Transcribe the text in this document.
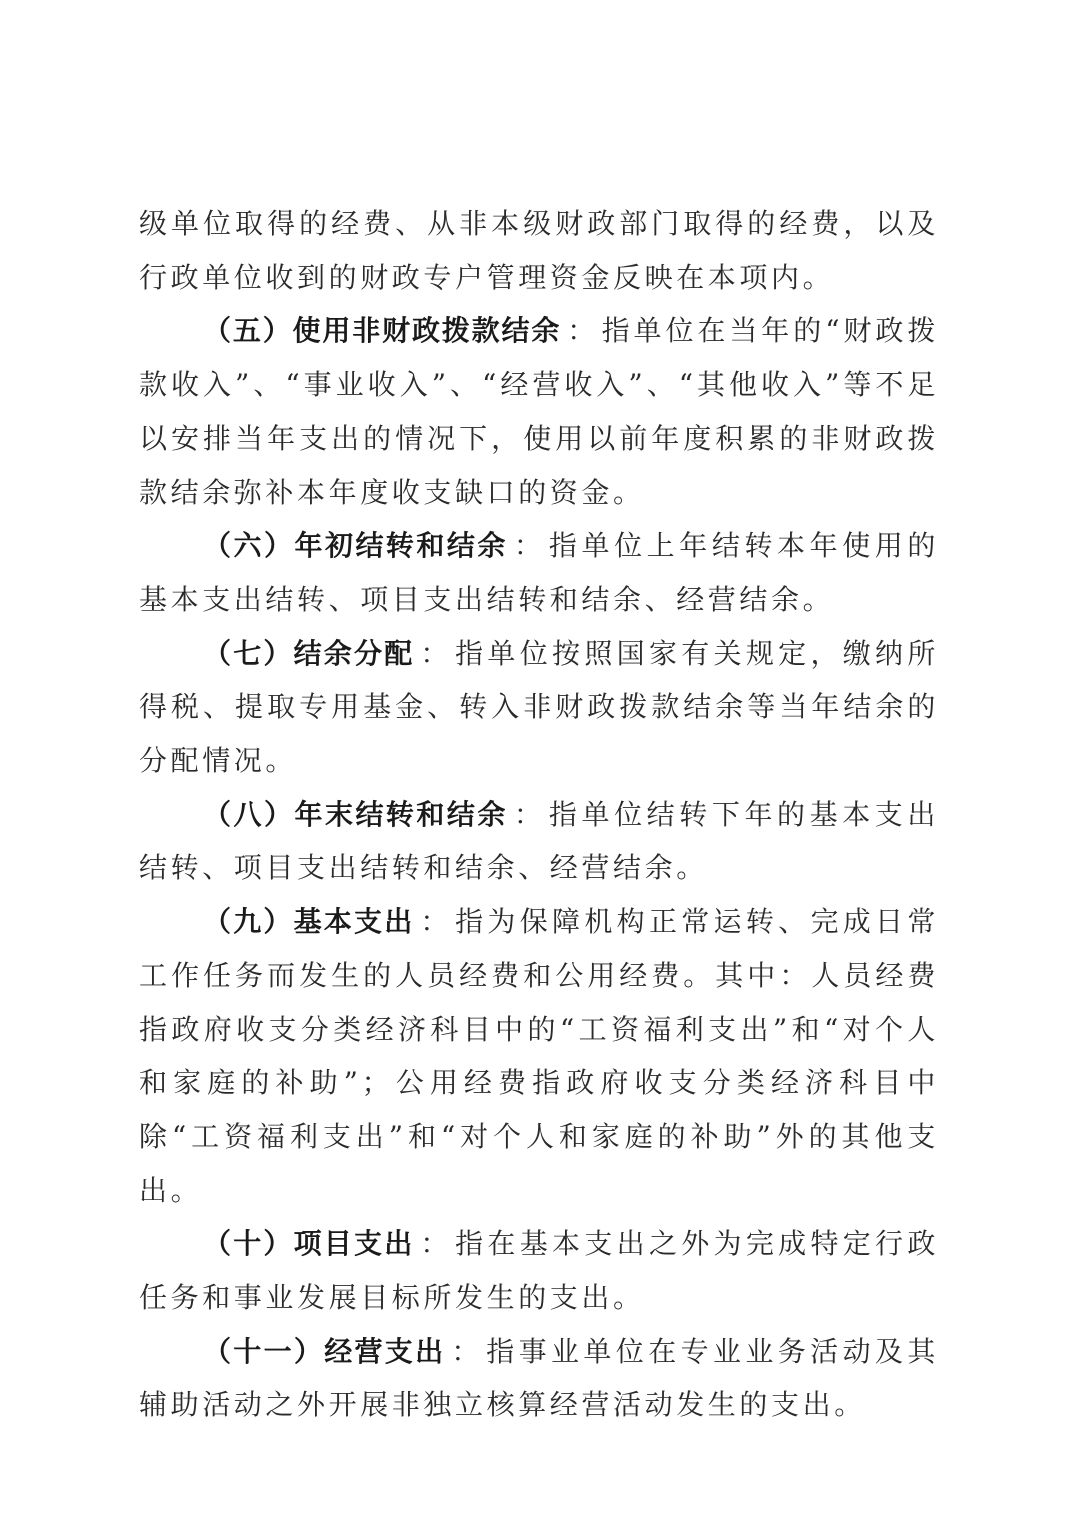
级单位取得的经费、从非本级财政部门取得的经费，以及行政单位收到的财政专户管理资金反映在本项内。

（五）使用非财政拨款结余 ： 指单位在当年的“财政拨款收入”、“事业收入”、“经营收入”、“其他收入”等不足以安排当年支出的情况下，使用以前年度积累的非财政拨款结余弥补本年度收支缺口的资金。

（六）年初结转和结余 ： 指单位上年结转本年使用的基本支出结转、项目支出结转和结余、经营结余。

（七）结余分配 ： 指单位按照国家有关规定，缴纳所得税、提取专用基金、转入非财政拨款结余等当年结余的分配情况。

（八）年末结转和结余 ： 指单位结转下年的基本支出结转、项目支出结转和结余、经营结余。

（九）基本支出 ： 指为保障机构正常运转、完成日常工作任务而发生的人员经费和公用经费。其中：人员经费指政府收支分类经济科目中的“工资福利支出”和“对个人和家庭的补助”；公用经费指政府收支分类经济科目中除“工资福利支出”和“对个人和家庭的补助”外的其他支出。

（十）项目支出 ： 指在基本支出之外为完成特定行政任务和事业发展目标所发生的支出。

（十一）经营支出 ： 指事业单位在专业业务活动及其辅助活动之外开展非独立核算经营活动发生的支出。
